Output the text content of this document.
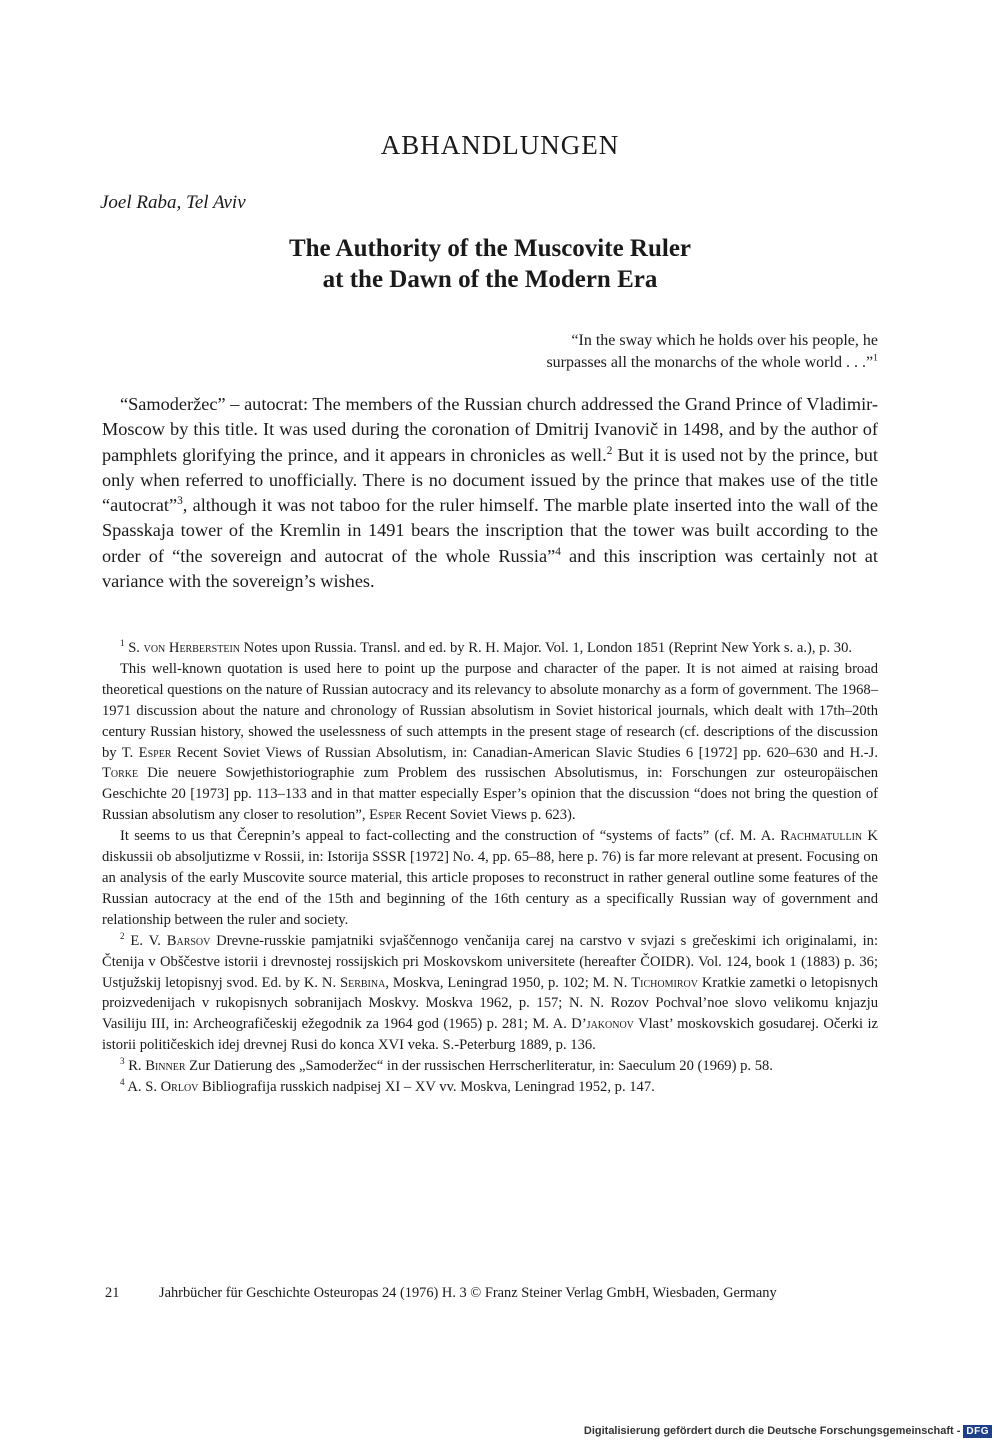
ABHANDLUNGEN

Joel Raba, Tel Aviv

The Authority of the Muscovite Ruler
at the Dawn of the Modern Era

“In the sway which he holds over his people, he
surpasses all the monarchs of the whole world . . .”$^1$

“Samoderžec” – autocrat: The members of the Russian church addressed the Grand Prince of Vladimir-Moscow by this title. It was used during the coronation of Dmitrij Ivanovič in 1498, and by the author of pamphlets glorifying the prince, and it appears in chronicles as well.$^2$ But it is used not by the prince, but only when referred to unofficially. There is no document issued by the prince that makes use of the title “autocrat”$^3$, although it was not taboo for the ruler himself. The marble plate inserted into the wall of the Spasskaja tower of the Kremlin in 1491 bears the inscription that the tower was built according to the order of “the sovereign and autocrat of the whole Russia”$^4$ and this inscription was certainly not at variance with the sovereign’s wishes.

$^1$ S. von Herberstein Notes upon Russia. Transl. and ed. by R. H. Major. Vol. 1, London 1851 (Reprint New York s. a.), p. 30.

This well-known quotation is used here to point up the purpose and character of the paper. It is not aimed at raising broad theoretical questions on the nature of Russian autocracy and its relevancy to absolute monarchy as a form of government. The 1968–1971 discussion about the nature and chronology of Russian absolutism in Soviet historical journals, which dealt with 17th–20th century Russian history, showed the uselessness of such attempts in the present stage of research (cf. descriptions of the discussion by T. Esper Recent Soviet Views of Russian Absolutism, in: Canadian-American Slavic Studies 6 [1972] pp. 620–630 and H.-J. Torke Die neuere Sowjethistoriographie zum Problem des russischen Absolutismus, in: Forschungen zur osteuropäischen Geschichte 20 [1973] pp. 113–133 and in that matter especially Esper’s opinion that the discussion “does not bring the question of Russian absolutism any closer to resolution”, Esper Recent Soviet Views p. 623).

It seems to us that Čerepnin’s appeal to fact-collecting and the construction of “systems of facts” (cf. M. A. Rachmatullin K diskussii ob absoljutizme v Rossii, in: Istorija SSSR [1972] No. 4, pp. 65–88, here p. 76) is far more relevant at present. Focusing on an analysis of the early Muscovite source material, this article proposes to reconstruct in rather general outline some features of the Russian autocracy at the end of the 15th and beginning of the 16th century as a specifically Russian way of government and relationship between the ruler and society.

$^2$ E. V. Barsov Drevne-russkie pamjatniki svjaščennogo venčanija carej na carstvo v svjazi s grečeskimi ich originalami, in: Čtenija v Obščestve istorii i drevnostej rossijskich pri Moskovskom universitete (hereafter ČOIDR). Vol. 124, book 1 (1883) p. 36; Ustjužskij letopisnyj svod. Ed. by K. N. Serbina, Moskva, Leningrad 1950, p. 102; M. N. Tichomirov Kratkie zametki o letopisnych proizvedenijach v rukopisnych sobranijach Moskvy. Moskva 1962, p. 157; N. N. Rozov Pochval’noe slovo velikomu knjazju Vasiliju III, in: Archeografičeskij ežegodnik za 1964 god (1965) p. 281; M. A. D’jakonov Vlast’ moskovskich gosudarej. Očerki iz istorii političeskich idej drevnej Rusi do konca XVI veka. S.-Peterburg 1889, p. 136.

$^3$ R. Binner Zur Datierung des „Samoderžec“ in der russischen Herrscherliteratur, in: Saeculum 20 (1969) p. 58.

$^4$ A. S. Orlov Bibliografija russkich nadpisej XI – XV vv. Moskva, Leningrad 1952, p. 147.

21	Jahrbücher für Geschichte Osteuropas 24 (1976) H. 3 © Franz Steiner Verlag GmbH, Wiesbaden, Germany

Digitalisierung gefördert durch die Deutsche Forschungsgemeinschaft - DFG
